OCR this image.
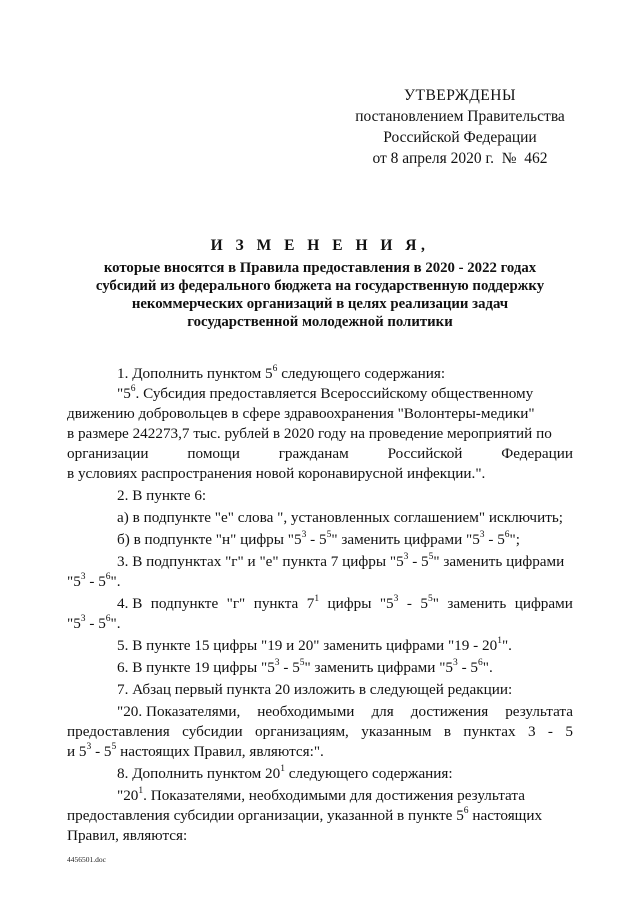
УТВЕРЖДЕНЫ
постановлением Правительства
Российской Федерации
от 8 апреля 2020 г.  №  462
И З М Е Н Е Н И Я,
которые вносятся в Правила предоставления в 2020 - 2022 годах
субсидий из федерального бюджета на государственную поддержку
некоммерческих организаций в целях реализации задач
государственной молодежной политики
1. Дополнить пунктом $5^6$ следующего содержания:
"$5^6$. Субсидия предоставляется Всероссийскому общественному
движению добровольцев в сфере здравоохранения "Волонтеры-медики"
в размере 242273,7 тыс. рублей в 2020 году на проведение мероприятий по
организации	помощи	гражданам	Российской	Федерации
в условиях распространения новой коронавирусной инфекции.".
2. В пункте 6:
а) в подпункте "е" слова ", установленных соглашением" исключить;
б) в подпункте "н" цифры "$5^3 - 5^5$" заменить цифрами "$5^3 - 5^6$";
3. В подпунктах "г" и "е" пункта 7 цифры "$5^3 - 5^5$" заменить цифрами
"$5^3 - 5^6$".
4. В подпункте "г" пункта $7^1$ цифры "$5^3 - 5^5$" заменить цифрами
"$5^3 - 5^6$".
5. В пункте 15 цифры "19 и 20" заменить цифрами "$19 - 20^1$".
6. В пункте 19 цифры "$5^3 - 5^5$" заменить цифрами "$5^3 - 5^6$".
7. Абзац первый пункта 20 изложить в следующей редакции:
"20. Показателями, необходимыми для достижения результата
предоставления субсидии организациям, указанным в пунктах 3 - 5
и $5^3 - 5^5$ настоящих Правил, являются:".
8. Дополнить пунктом $20^1$ следующего содержания:
"$20^1$. Показателями, необходимыми для достижения результата
предоставления субсидии организации, указанной в пункте $5^6$ настоящих
Правил, являются:
4456501.doc
